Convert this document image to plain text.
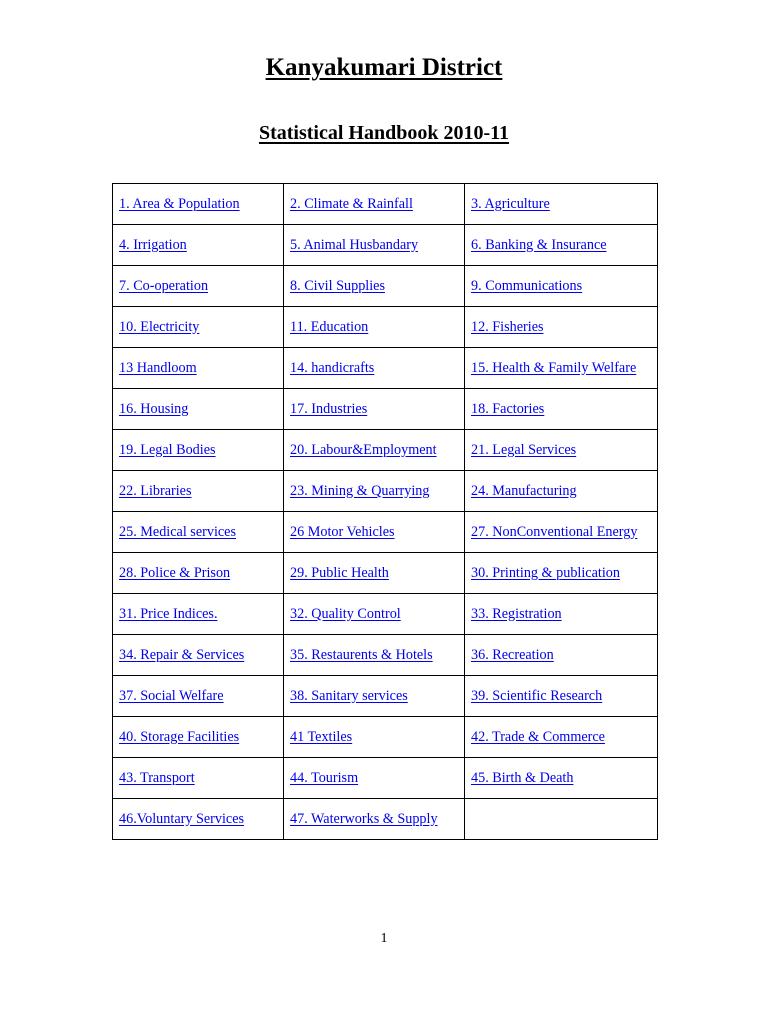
Kanyakumari District
Statistical Handbook 2010-11
1. Area & Population	2. Climate & Rainfall	3. Agriculture
4. Irrigation	5. Animal Husbandary	6. Banking & Insurance
7. Co-operation	8. Civil Supplies	9. Communications
10. Electricity	11. Education	12. Fisheries
13 Handloom	14. handicrafts	15. Health & Family Welfare
16. Housing	17. Industries	18. Factories
19. Legal Bodies	20. Labour&Employment	21. Legal Services
22. Libraries	23. Mining & Quarrying	24. Manufacturing
25. Medical services	26 Motor Vehicles	27. NonConventional Energy
28. Police & Prison	29. Public Health	30. Printing & publication
31. Price Indices.	32. Quality Control	33. Registration
34. Repair & Services	35. Restaurents & Hotels	36. Recreation
37. Social Welfare	38. Sanitary services	39. Scientific Research
40. Storage Facilities	41 Textiles	42. Trade & Commerce
43. Transport	44. Tourism	45. Birth & Death
46.Voluntary Services	47. Waterworks & Supply	
1
